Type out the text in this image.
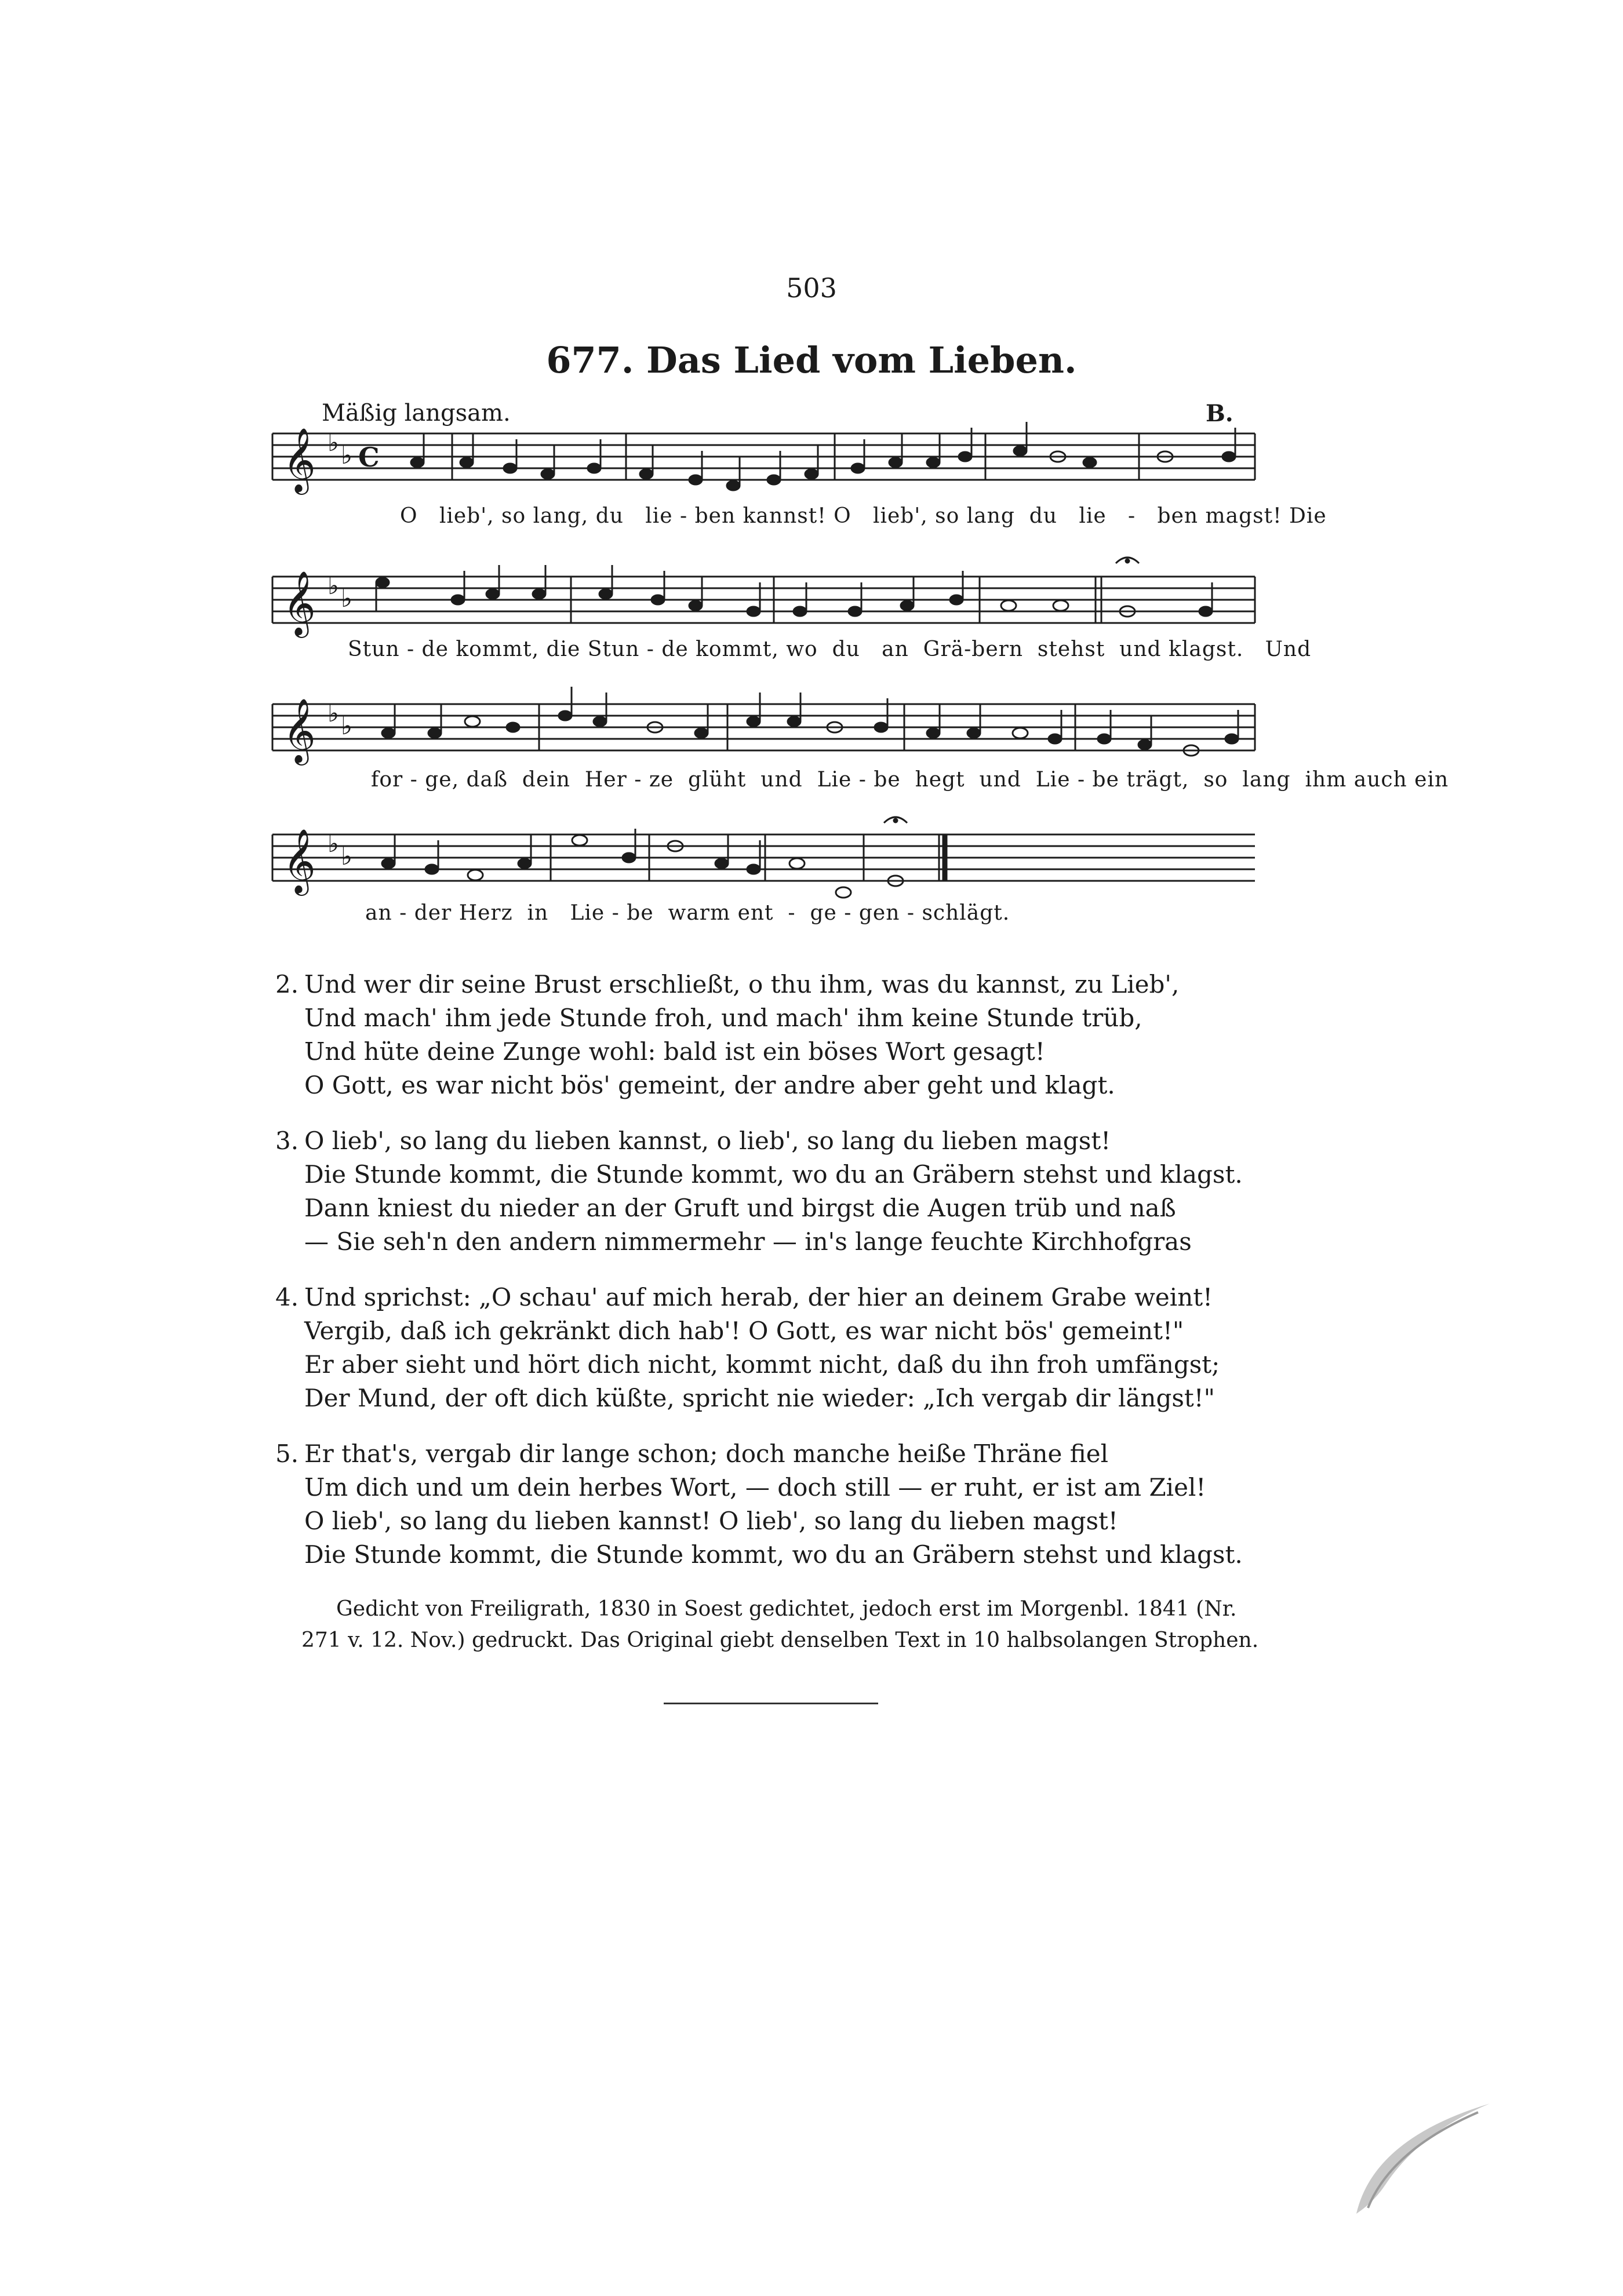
503
677. Das Lied vom Lieben.
Mäßig langsam.	B.
𝄞 ♭ ♭ C
𝄞 ♭ ♭
𝄞 ♭ ♭
𝄞 ♭ ♭
O   lieb', so lang, du   lie - ben kannst! O   lieb', so lang  du   lie   -   ben magst! Die
Stun - de kommt, die Stun - de kommt, wo  du   an  Grä-bern  stehst  und klagst.   Und
for - ge, daß  dein  Her - ze  glüht  und  Lie - be  hegt  und  Lie - be trägt,  so  lang  ihm auch ein
an - der Herz  in   Lie - be  warm ent  -  ge - gen - schlägt.
2. Und wer dir seine Brust erschließt, o thu ihm, was du kannst, zu Lieb',
Und mach' ihm jede Stunde froh, und mach' ihm keine Stunde trüb,
Und hüte deine Zunge wohl: bald ist ein böses Wort gesagt!
O Gott, es war nicht bös' gemeint, der andre aber geht und klagt.
3. O lieb', so lang du lieben kannst, o lieb', so lang du lieben magst!
Die Stunde kommt, die Stunde kommt, wo du an Gräbern stehst und klagst.
Dann kniest du nieder an der Gruft und birgst die Augen trüb und naß
— Sie seh'n den andern nimmermehr — in's lange feuchte Kirchhofgras
4. Und sprichst: „O schau' auf mich herab, der hier an deinem Grabe weint!
Vergib, daß ich gekränkt dich hab'! O Gott, es war nicht bös' gemeint!"
Er aber sieht und hört dich nicht, kommt nicht, daß du ihn froh umfängst;
Der Mund, der oft dich küßte, spricht nie wieder: „Ich vergab dir längst!"
5. Er that's, vergab dir lange schon; doch manche heiße Thräne fiel
Um dich und um dein herbes Wort, — doch still — er ruht, er ist am Ziel!
O lieb', so lang du lieben kannst! O lieb', so lang du lieben magst!
Die Stunde kommt, die Stunde kommt, wo du an Gräbern stehst und klagst.
Gedicht von Freiligrath, 1830 in Soest gedichtet, jedoch erst im Morgenbl. 1841 (Nr. 271 v. 12. Nov.) gedruckt. Das Original giebt denselben Text in 10 halbsolangen Strophen.
